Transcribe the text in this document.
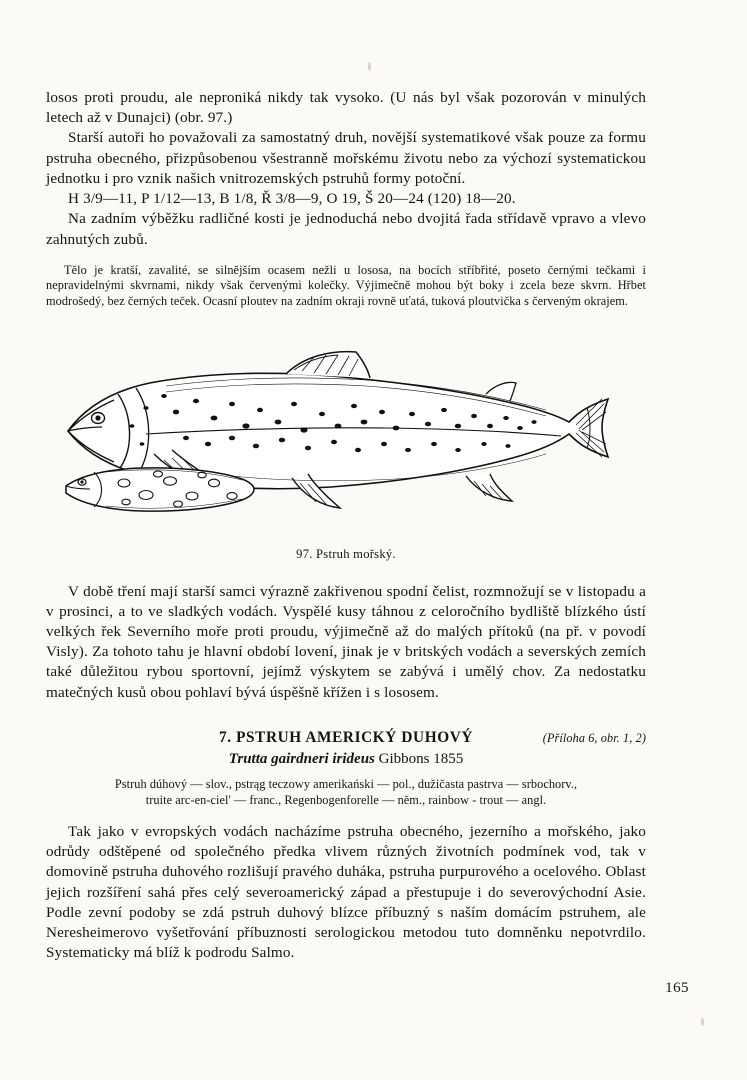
losos proti proudu, ale neproniká nikdy tak vysoko. (U nás byl však pozorován v minulých letech až v Dunajci) (obr. 97.)

Starší autoři ho považovali za samostatný druh, novější systematikové však pouze za formu pstruha obecného, přizpůsobenou všestranně mořskému životu nebo za výchozí systematickou jednotku i pro vznik našich vnitrozemských pstruhů formy potoční.

H 3/9—11, P 1/12—13, B 1/8, Ř 3/8—9, O 19, Š 20—24 (120) 18—20.

Na zadním výběžku radličné kosti je jednoduchá nebo dvojitá řada střídavě vpravo a vlevo zahnutých zubů.

Tělo je kratší, zavalité, se silnějším ocasem nežli u lososa, na bocích stříbřité, poseto černými tečkami i nepravidelnými skvrnami, nikdy však červenými kolečky. Výjimečně mohou být boky i zcela beze skvrn. Hřbet modrošedý, bez černých teček. Ocasní ploutev na zadním okraji rovně uťatá, tuková ploutvička s červeným okrajem.

97. Pstruh mořský.

V době tření mají starší samci výrazně zakřivenou spodní čelist, rozmnožují se v listopadu a v prosinci, a to ve sladkých vodách. Vyspělé kusy táhnou z celoročního bydliště blízkého ústí velkých řek Severního moře proti proudu, výjimečně až do malých přítoků (na př. v povodí Visly). Za tohoto tahu je hlavní období lovení, jinak je v britských vodách a severských zemích také důležitou rybou sportovní, jejímž výskytem se zabývá i umělý chov. Za nedostatku matečných kusů obou pohlaví bývá úspěšně křížen i s lososem.

7. PSTRUH AMERICKÝ DUHOVÝ	(Příloha 6, obr. 1, 2)
Trutta gairdneri irideus Gibbons 1855
Pstruh dúhový — slov., pstrąg teczowy amerikański — pol., dužičasta pastrva — srbochorv.,
truite arc-en-ciel' — franc., Regenbogenforelle — něm., rainbow - trout — angl.

Tak jako v evropských vodách nacházíme pstruha obecného, jezerního a mořského, jako odrůdy odštěpené od společného předka vlivem různých životních podmínek vod, tak v domovině pstruha duhového rozlišují pravého duháka, pstruha purpurového a ocelového. Oblast jejich rozšíření sahá přes celý severoamerický západ a přestupuje i do severovýchodní Asie. Podle zevní podoby se zdá pstruh duhový blízce příbuzný s naším domácím pstruhem, ale Neresheimerovo vyšetřování příbuznosti serologickou metodou tuto domněnku nepotvrdilo. Systematicky má blíž k podrodu Salmo.

165
